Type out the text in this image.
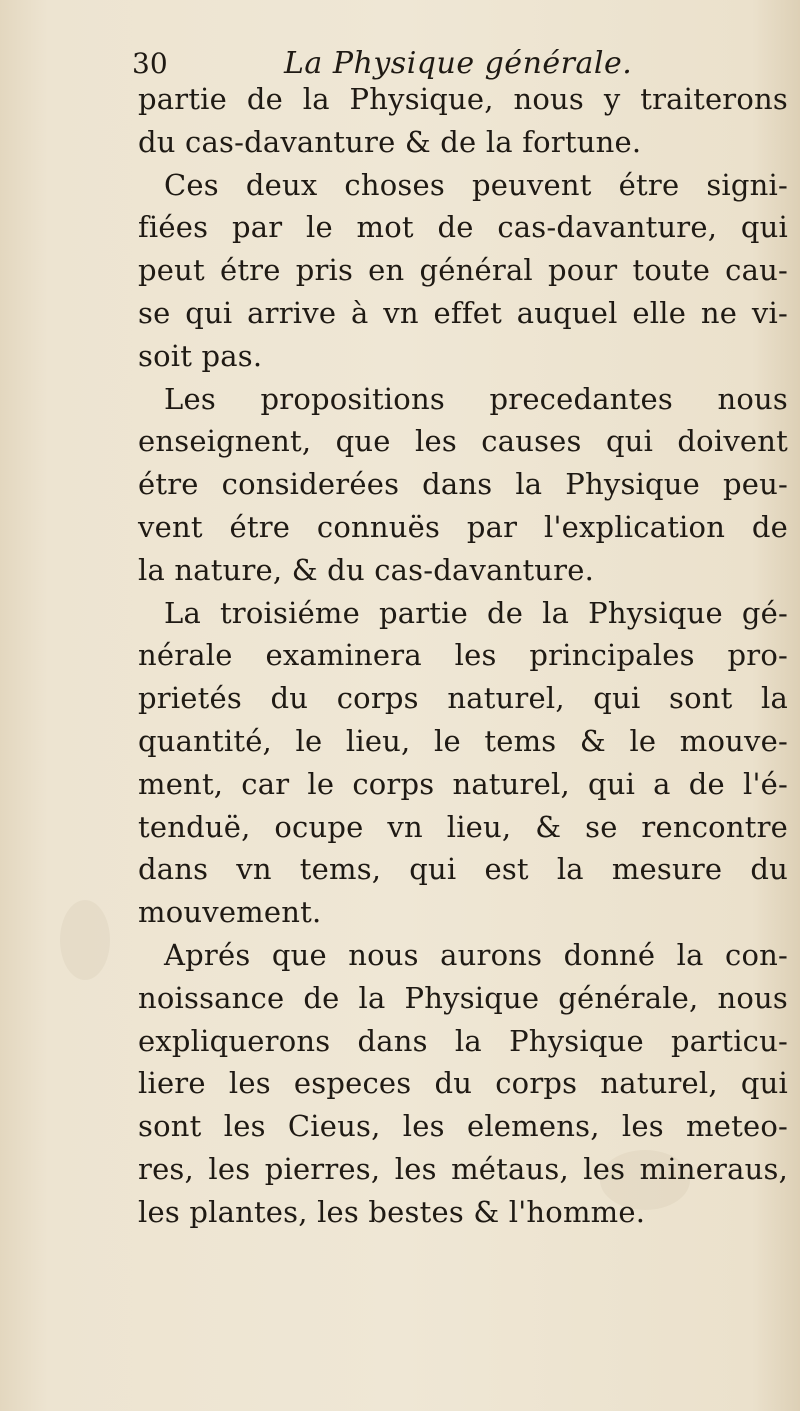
30	La Physique générale.
partie de la Physique, nous y traiterons
du cas-davanture & de la fortune.
Ces deux choses peuvent étre signi-
fiées par le mot de cas-davanture, qui
peut étre pris en général pour toute cau-
se qui arrive à vn effet auquel elle ne vi-
soit pas.
Les propositions precedantes nous
enseignent, que les causes qui doivent
étre considerées dans la Physique peu-
vent étre connuës par l'explication de
la nature, & du cas-davanture.
La troisiéme partie de la Physique gé-
nérale examinera les principales pro-
prietés du corps naturel, qui sont la
quantité, le lieu, le tems & le mouve-
ment, car le corps naturel, qui a de l'é-
tenduë, ocupe vn lieu, & se rencontre
dans vn tems, qui est la mesure du
mouvement.
Aprés que nous aurons donné la con-
noissance de la Physique générale, nous
expliquerons dans la Physique particu-
liere les especes du corps naturel, qui
sont les Cieus, les elemens, les meteo-
res, les pierres, les métaus, les mineraus,
les plantes, les bestes & l'homme.
